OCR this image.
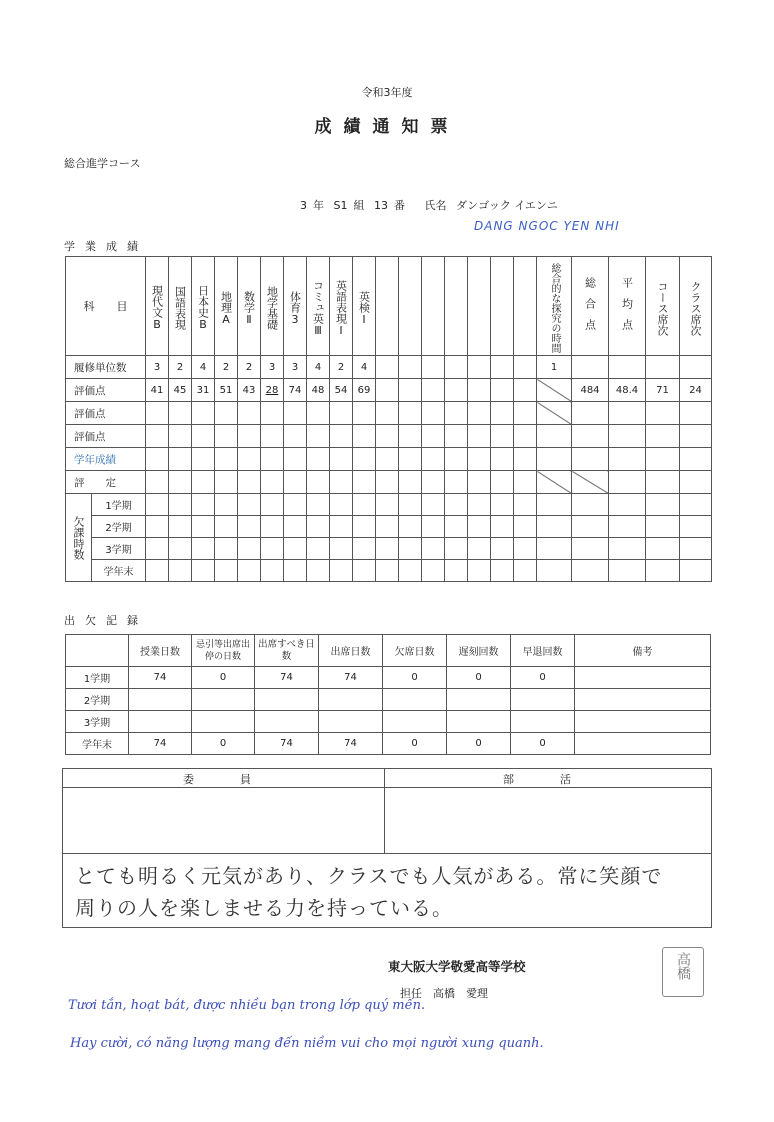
令和3年度
成績通知票
総合進学コース
3 年 S1 組 13 番 氏名 ダンゴック イエンニ
DANG NGOC YEN NHI
学業成績
科　　目		現代文B	国語表現	日本史B	地理A	数学Ⅱ	地学基礎	体育3	コミュ英Ⅲ	英語表現Ⅰ	英検Ⅰ								総合的な探究の時間	総合点	平均点	コース席次	クラス席次
履修単位数		3	2	4	2	2	3	3	4	2	4								1				
評価点		41	45	31	51	43	28	74	48	54	69									484	48.4	71	24
評価点																							
評価点																							
学年成績																							
評　　定																							
欠課時数	1学期																						
	2学期																						
	3学期																						
	学年末																						
出欠記録
	授業日数	忌引等出席出停の日数	出席すべき日数	出席日数	欠席日数	遅刻回数	早退回数	備考
1学期	74	0	74	74	0	0	0	
2学期								
3学期								
学年末	74	0	74	74	0	0	0	
委　　員	部　　活
とても明るく元気があり、クラスでも人気がある。常に笑顔で
周りの人を楽しませる力を持っている。
東大阪大学敬愛高等学校
担任　高橋　愛理
高橋
Tươi tắn, hoạt bát, được nhiều bạn trong lớp quý mến.
Hay cười, có năng lượng mang đến niềm vui cho mọi người xung quanh.
